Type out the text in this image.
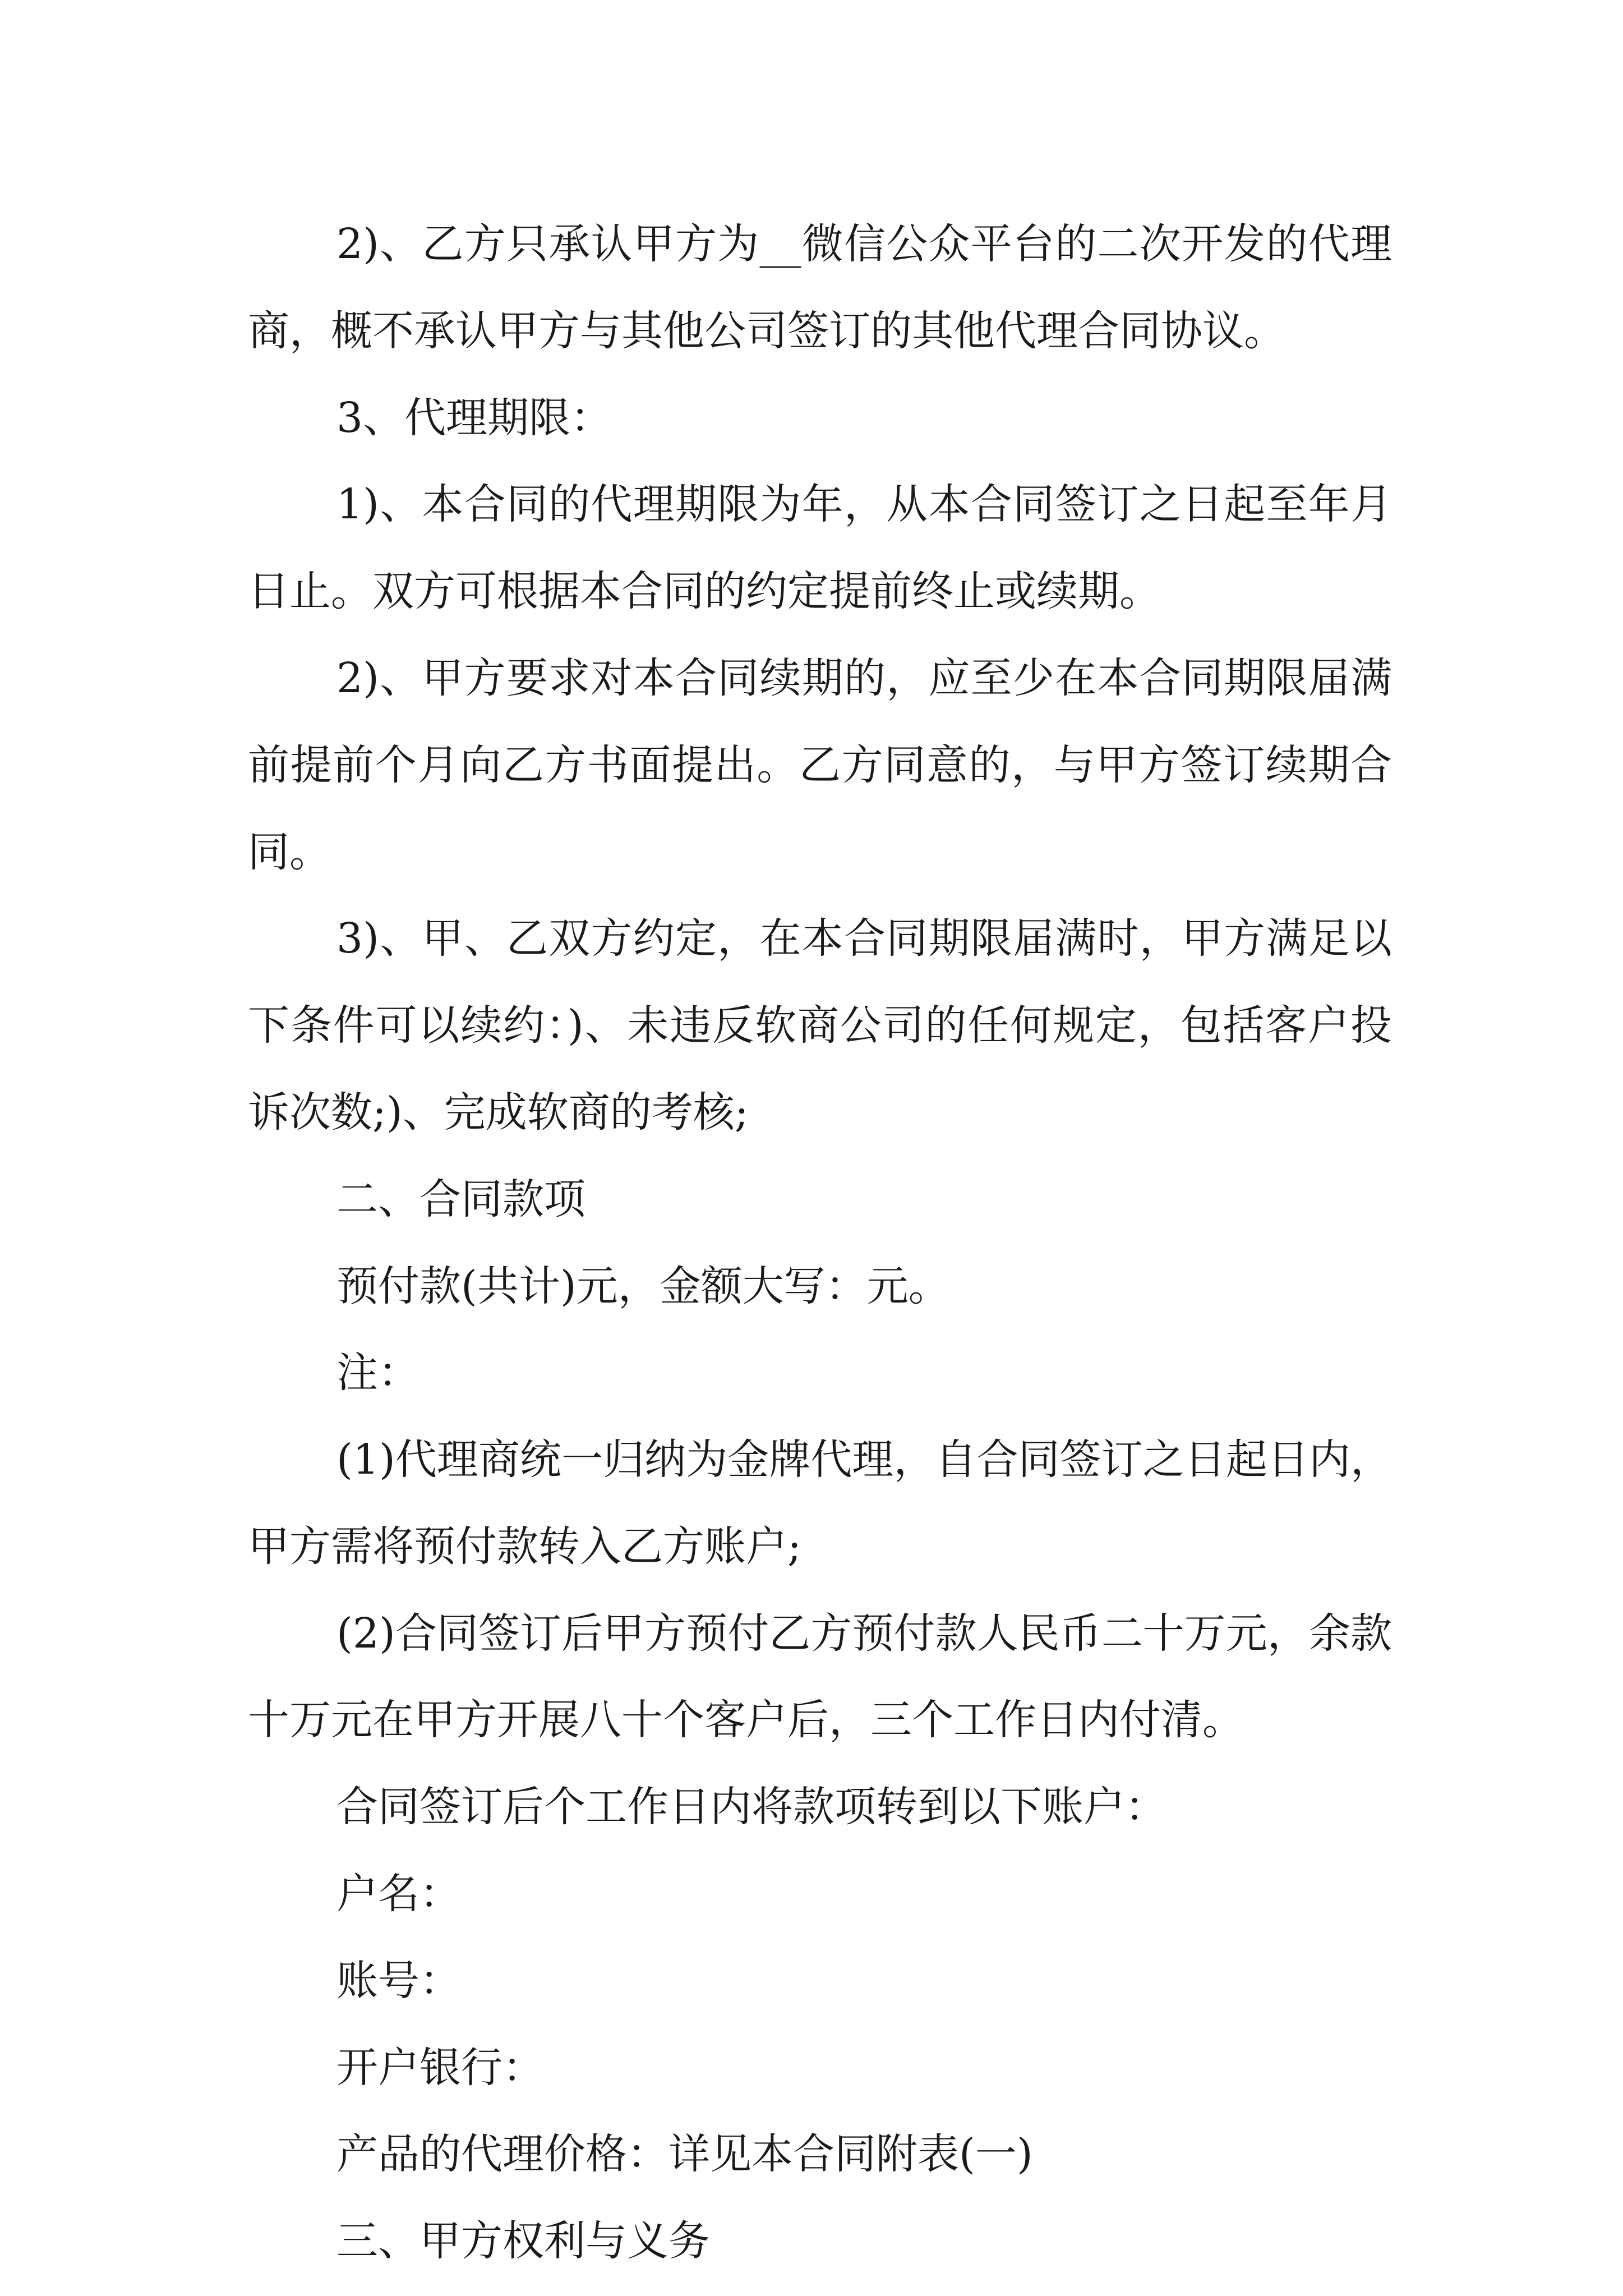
2)、乙方只承认甲方为__微信公众平台的二次开发的代理商，概不承认甲方与其他公司签订的其他代理合同协议。

3、代理期限：

1)、本合同的代理期限为年，从本合同签订之日起至年月日止。双方可根据本合同的约定提前终止或续期。

2)、甲方要求对本合同续期的，应至少在本合同期限届满前提前个月向乙方书面提出。乙方同意的，与甲方签订续期合同。

3)、甲、乙双方约定，在本合同期限届满时，甲方满足以下条件可以续约：)、未违反软商公司的任何规定，包括客户投诉次数;)、完成软商的考核;

二、合同款项

预付款(共计)元，金额大写：元。

注：

(1)代理商统一归纳为金牌代理，自合同签订之日起日内，甲方需将预付款转入乙方账户;

(2)合同签订后甲方预付乙方预付款人民币二十万元，余款十万元在甲方开展八十个客户后，三个工作日内付清。

合同签订后个工作日内将款项转到以下账户：

户名：

账号：

开户银行：

产品的代理价格：详见本合同附表(一)

三、甲方权利与义务
